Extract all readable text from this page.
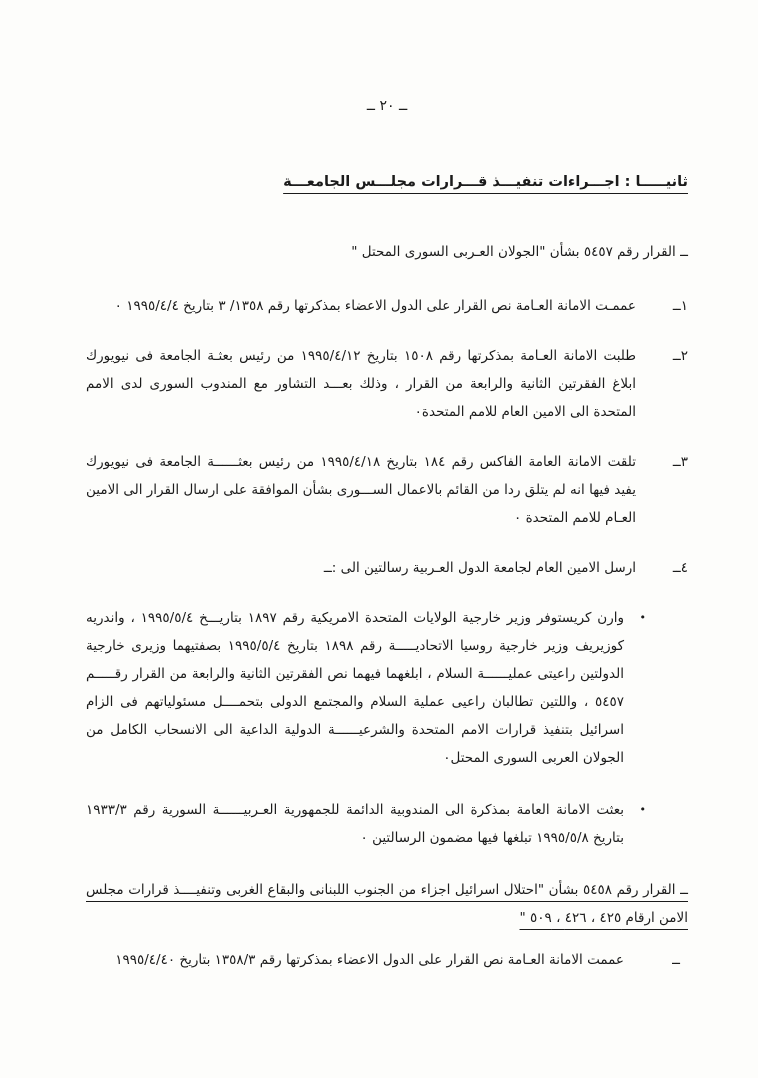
ــ ٢٠ ــ
ثانيـــــا : اجـــراءات تنفيـــذ قـــرارات مجلـــس الجامعـــة
ــ القرار رقم ٥٤٥٧ بشأن "الجولان العـربى السورى المحتل "
١ــ
عممـت الامانة العـامة نص القرار على الدول الاعضاء بمذكرتها رقم ١٣٥٨/ ٣ بتاريخ ١٩٩٥/٤/٤ ٠
٢ــ
طلبت الامانة العـامة بمذكرتها رقم ١٥٠٨ بتاريخ ١٩٩٥/٤/١٢ من رئيس بعثـة الجامعة فى نيويورك ابلاغ الفقرتين الثانية والرابعة من القرار ، وذلك بعـــد التشاور مع المندوب السورى لدى الامم المتحدة الى الامين العام للامم المتحدة٠
٣ــ
تلقت الامانة العامة الفاكس رقم ١٨٤ بتاريخ ١٩٩٥/٤/١٨ من رئيس بعثــــــة الجامعة فى نيويورك يفيد فيها انه لم يتلق ردا من القائم بالاعمال الســـورى بشأن الموافقة على ارسال القرار الى الامين العـام للامم المتحدة ٠
٤ــ
ارسل الامين العام لجامعة الدول العـربية رسالتين الى :ــ
•
وارن كريستوفر وزير خارجية الولايات المتحدة الامريكية رقم ١٨٩٧ بتاريـــخ ١٩٩٥/٥/٤ ، واندريه كوزيريف وزير خارجية روسيا الاتحاديـــــة رقم ١٨٩٨ بتاريخ ١٩٩٥/٥/٤ بصفتيهما وزيرى خارجية الدولتين راعيتى عمليــــــة السلام ، ابلغهما فيهما نص الفقرتين الثانية والرابعة من القرار رقـــــم ٥٤٥٧ ، واللتين تطالبان راعيى عملية السلام والمجتمع الدولى بتحمــــل مسئولياتهم فى الزام اسرائيل بتنفيذ قرارات الامم المتحدة والشرعيــــــة الدولية الداعية الى الانسحاب الكامل من الجولان العربى السورى المحتل٠
•
بعثت الامانة العامة بمذكرة الى المندوبية الدائمة للجمهورية العـربيــــــة السورية رقم ١٩٣٣/٣ بتاريخ ١٩٩٥/٥/٨ تبلغها فيها مضمون الرسالتين ٠
ــ القرار رقم ٥٤٥٨ بشأن "احتلال اسرائيل اجزاء من الجنوب اللبنانى والبقاع الغربى وتنفيــــذ قرارات مجلس الامن ارقام ٤٢٥ ، ٤٢٦ ، ٥٠٩ "
ــ
عممت الامانة العـامة نص القرار على الدول الاعضاء بمذكرتها رقم ١٣٥٨/٣ بتاريخ ١٩٩٥/٤/٤٠
